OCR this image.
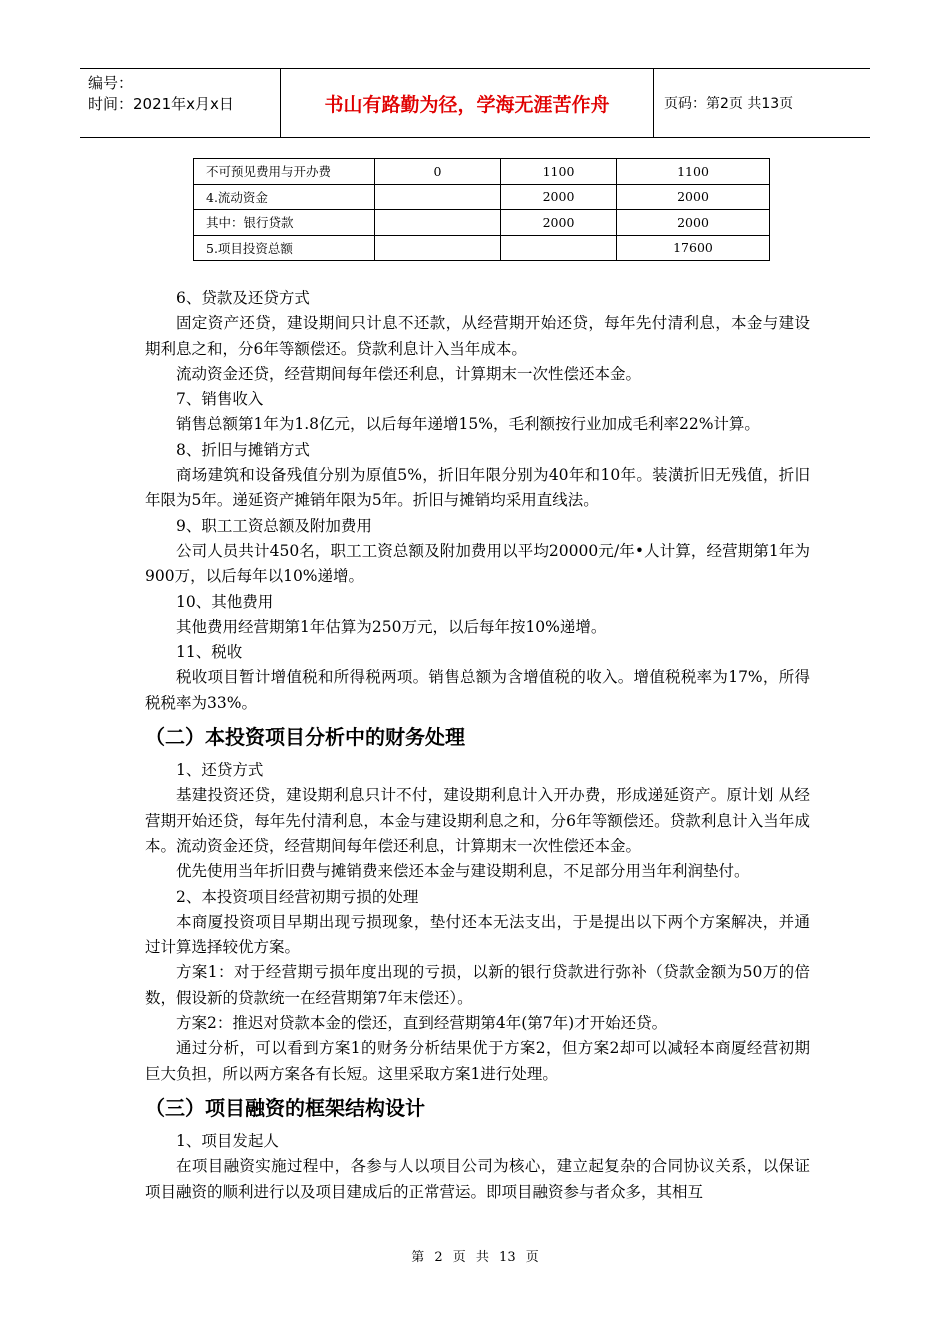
编号：
时间：2021年x月x日	书山有路勤为径，学海无涯苦作舟	页码：第2页 共13页
不可预见费用与开办费	0	1100	1100
4.流动资金		2000	2000
其中：银行贷款		2000	2000
5.项目投资总额			17600

6、贷款及还贷方式

固定资产还贷，建设期间只计息不还款，从经营期开始还贷，每年先付清利息，本金与建设期利息之和，分6年等额偿还。贷款利息计入当年成本。

流动资金还贷，经营期间每年偿还利息，计算期末一次性偿还本金。

7、销售收入

销售总额第1年为1.8亿元，以后每年递增15%，毛利额按行业加成毛利率22%计算。

8、折旧与摊销方式

商场建筑和设备残值分别为原值5%，折旧年限分别为40年和10年。装潢折旧无残值，折旧年限为5年。递延资产摊销年限为5年。折旧与摊销均采用直线法。

9、职工工资总额及附加费用

公司人员共计450名，职工工资总额及附加费用以平均20000元/年•人计算，经营期第1年为900万，以后每年以10%递增。

10、其他费用

其他费用经营期第1年估算为250万元，以后每年按10%递增。

11、税收

税收项目暂计增值税和所得税两项。销售总额为含增值税的收入。增值税税率为17%，所得税税率为33%。

（二）本投资项目分析中的财务处理

1、还贷方式

基建投资还贷，建设期利息只计不付，建设期利息计入开办费，形成递延资产。原计划 从经营期开始还贷，每年先付清利息，本金与建设期利息之和，分6年等额偿还。贷款利息计入当年成本。流动资金还贷，经营期间每年偿还利息，计算期末一次性偿还本金。

优先使用当年折旧费与摊销费来偿还本金与建设期利息，不足部分用当年利润垫付。

2、本投资项目经营初期亏损的处理

本商厦投资项目早期出现亏损现象，垫付还本无法支出，于是提出以下两个方案解决，并通过计算选择较优方案。

方案1：对于经营期亏损年度出现的亏损，以新的银行贷款进行弥补（贷款金额为50万的倍数，假设新的贷款统一在经营期第7年末偿还）。

方案2：推迟对贷款本金的偿还，直到经营期第4年(第7年)才开始还贷。

通过分析，可以看到方案1的财务分析结果优于方案2，但方案2却可以减轻本商厦经营初期巨大负担，所以两方案各有长短。这里采取方案1进行处理。

（三）项目融资的框架结构设计

1、项目发起人

在项目融资实施过程中，各参与人以项目公司为核心，建立起复杂的合同协议关系，以保证项目融资的顺利进行以及项目建成后的正常营运。即项目融资参与者众多，其相互

第 2 页 共 13 页
